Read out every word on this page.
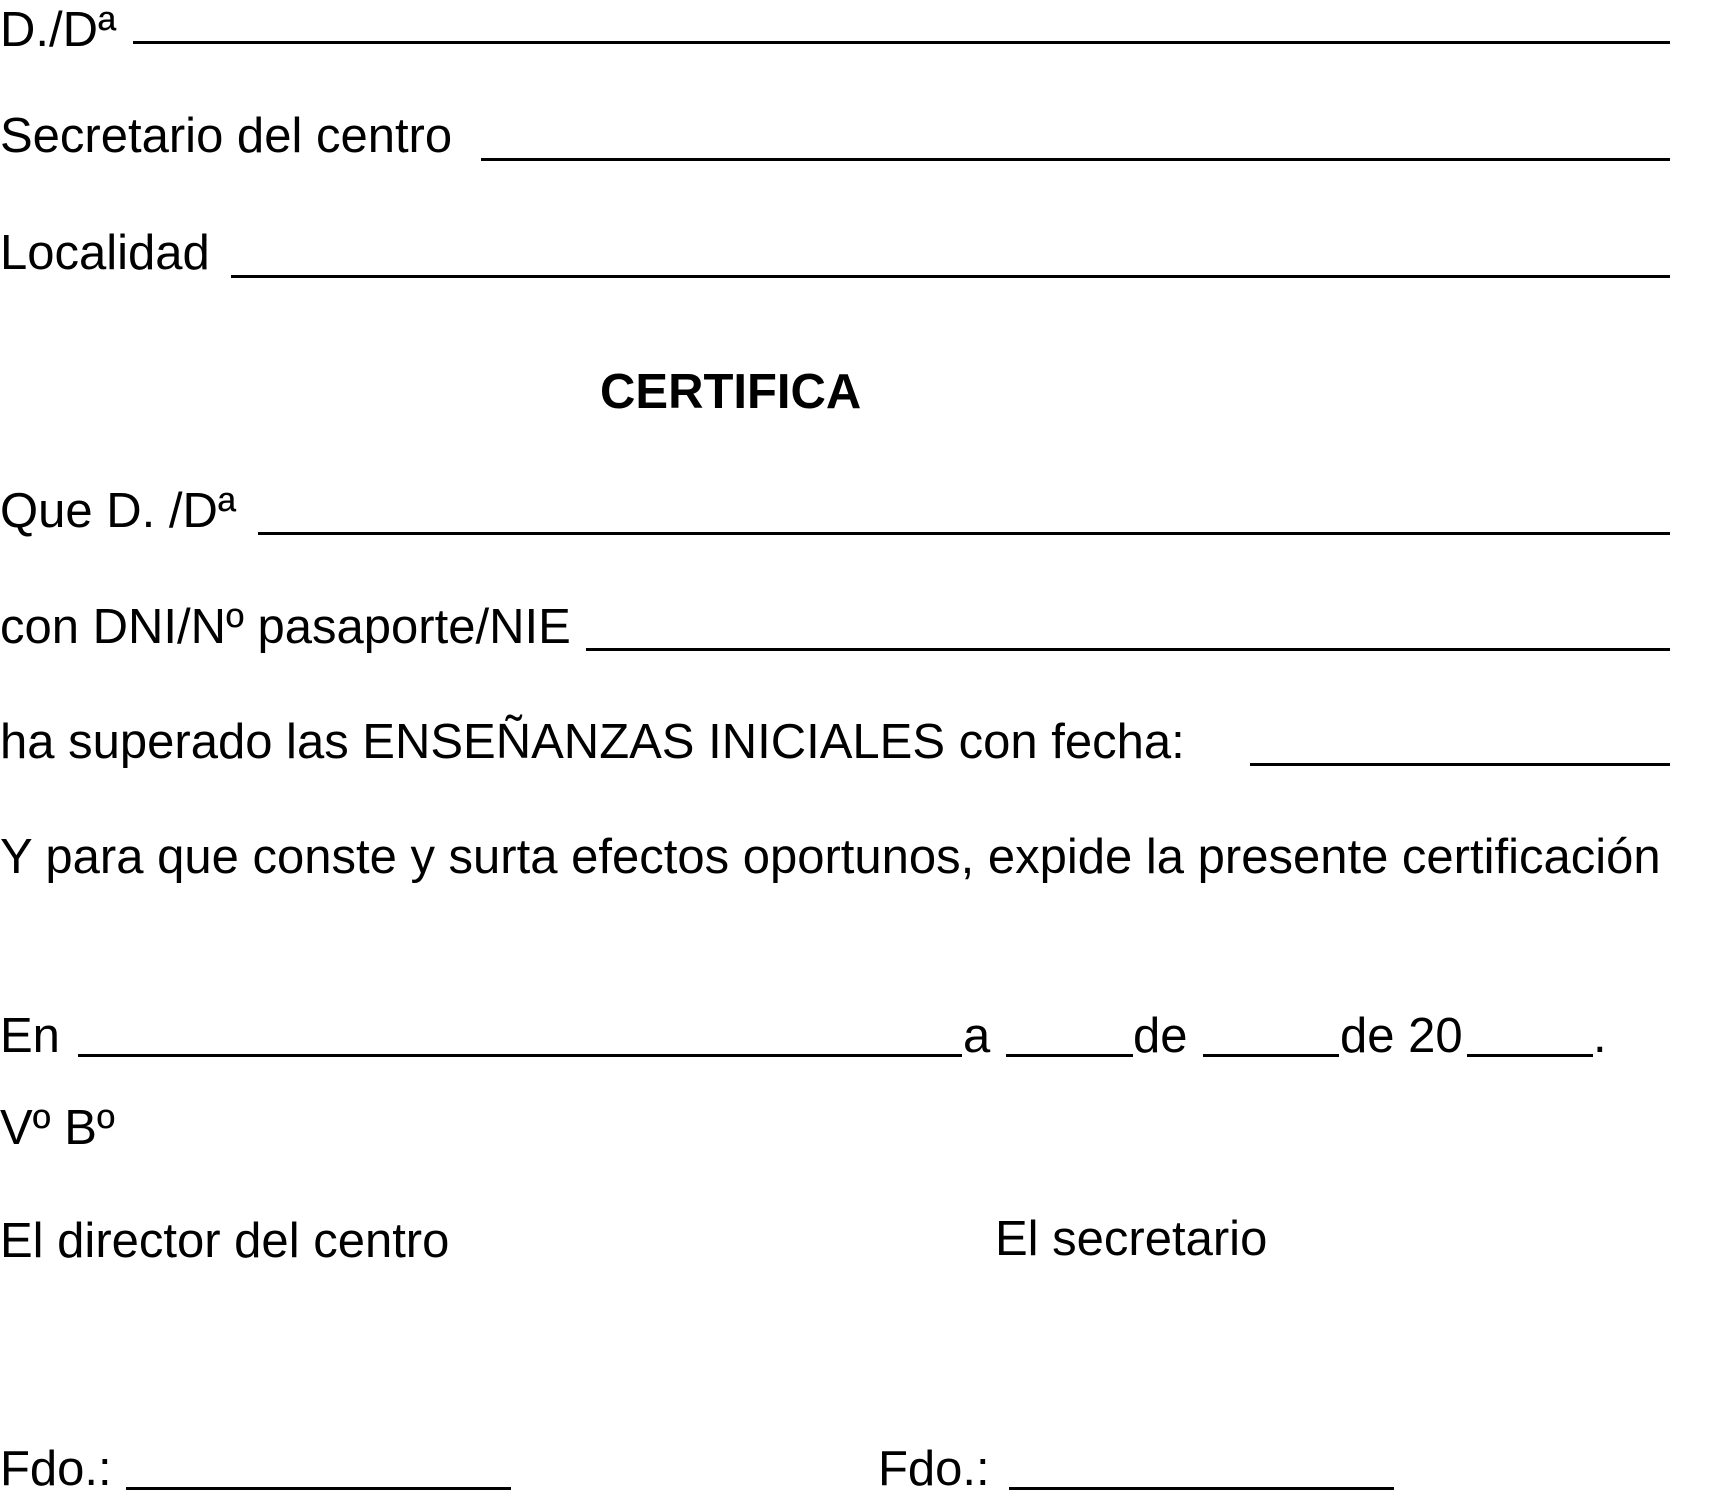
D./Dª

Secretario del centro

Localidad

CERTIFICA

Que D. /Dª

con DNI/Nº pasaporte/NIE

ha superado las ENSEÑANZAS INICIALES con fecha:

Y para que conste y surta efectos oportunos, expide la presente certificación

En	a	de	de 20	.

Vº Bº

El director del centro	El secretario

Fdo.:	Fdo.:
